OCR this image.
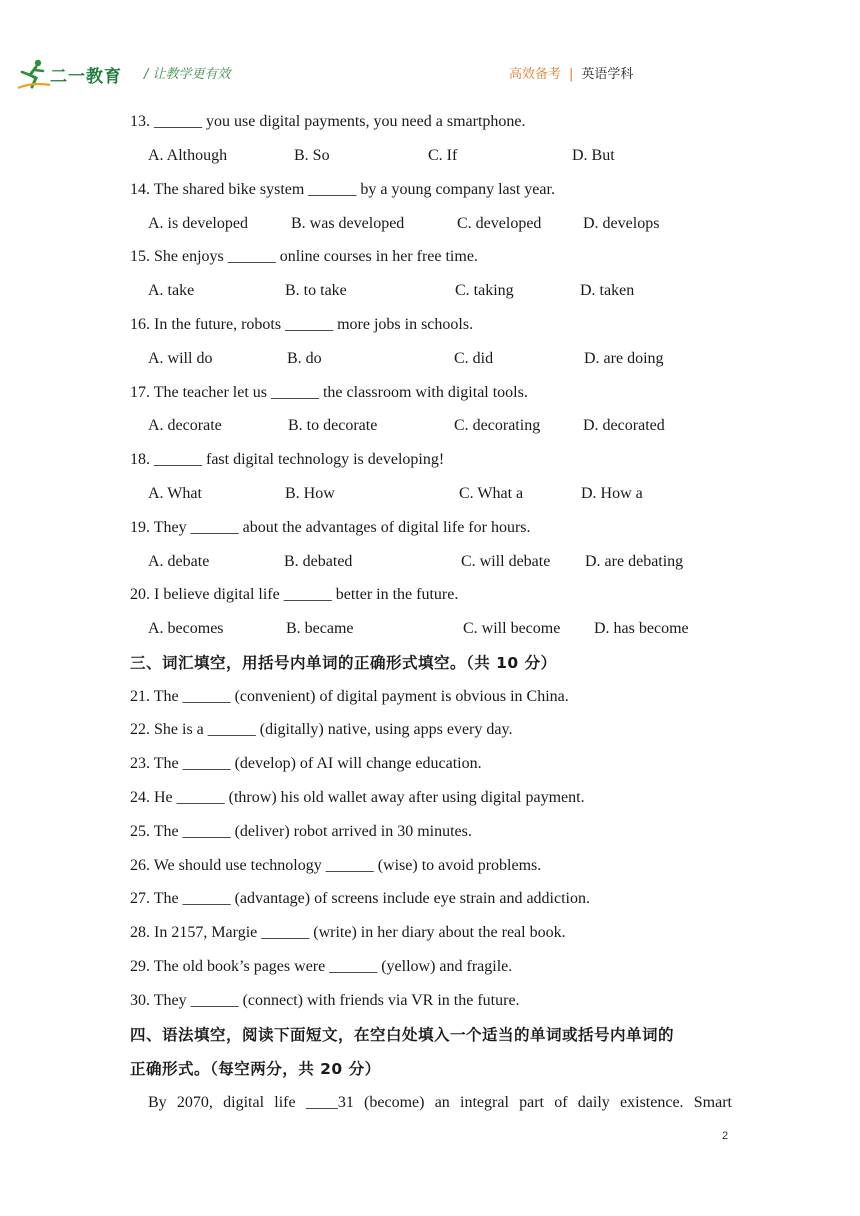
二一教育 / 让教学更有效	高效备考 | 英语学科
13. ______ you use digital payments, you need a smartphone.
A. Although	B. So	C. If	D. But
14. The shared bike system ______ by a young company last year.
A. is developed	B. was developed	C. developed	D. develops
15. She enjoys ______ online courses in her free time.
A. take	B. to take	C. taking	D. taken
16. In the future, robots ______ more jobs in schools.
A. will do	B. do	C. did	D. are doing
17. The teacher let us ______ the classroom with digital tools.
A. decorate	B. to decorate	C. decorating	D. decorated
18. ______ fast digital technology is developing!
A. What	B. How	C. What a	D. How a
19. They ______ about the advantages of digital life for hours.
A. debate	B. debated	C. will debate D. are debating
20. I believe digital life ______ better in the future.
A. becomes	B. became	C. will become D. has become
三、词汇填空，用括号内单词的正确形式填空。（共 10 分）
21. The ______ (convenient) of digital payment is obvious in China.
22. She is a ______ (digitally) native, using apps every day.
23. The ______ (develop) of AI will change education.
24. He ______ (throw) his old wallet away after using digital payment.
25. The ______ (deliver) robot arrived in 30 minutes.
26. We should use technology ______ (wise) to avoid problems.
27. The ______ (advantage) of screens include eye strain and addiction.
28. In 2157, Margie ______ (write) in her diary about the real book.
29. The old book’s pages were ______ (yellow) and fragile.
30. They ______ (connect) with friends via VR in the future.
四、语法填空，阅读下面短文，在空白处填入一个适当的单词或括号内单词的
正确形式。（每空两分，共 20 分）
By 2070, digital life ____31 (become) an integral part of daily existence. Smart
2
